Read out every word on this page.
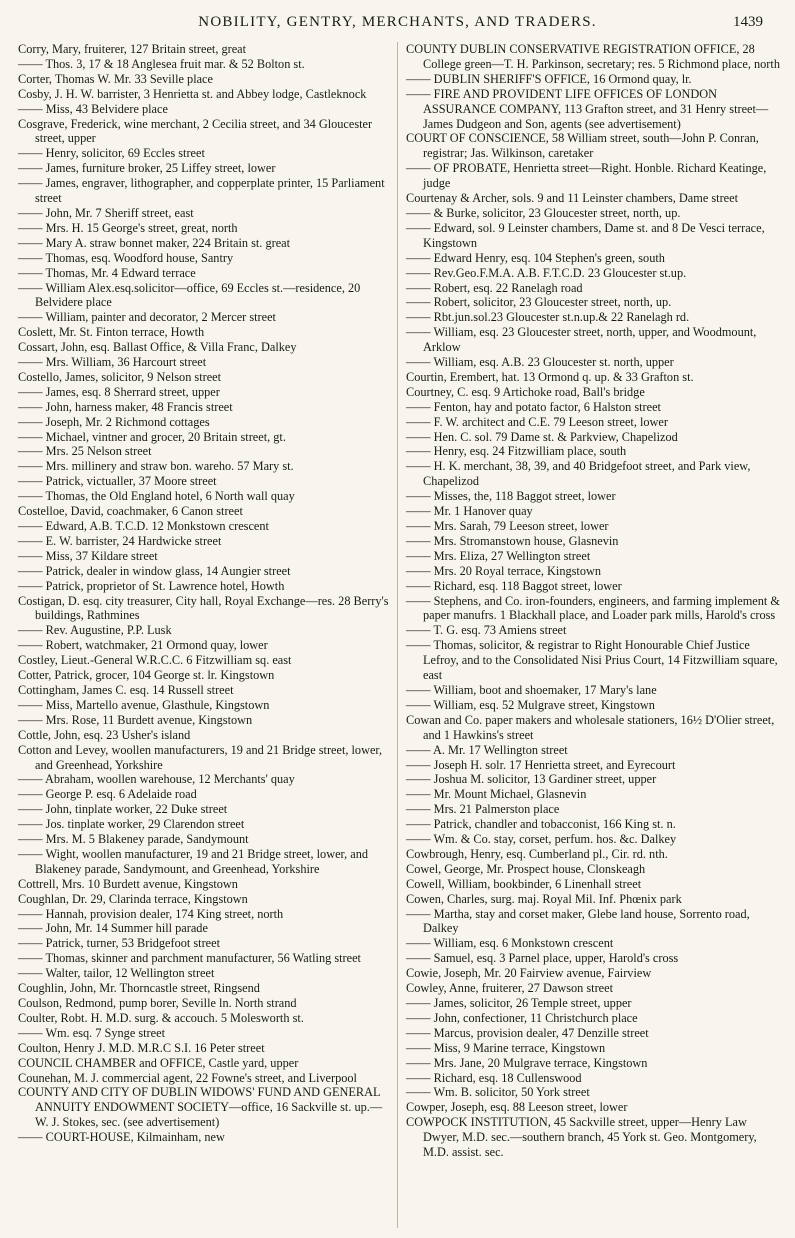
NOBILITY, GENTRY, MERCHANTS, AND TRADERS.	1439
Corry, Mary, fruiterer, 127 Britain street, great
—— Thos. 3, 17 & 18 Anglesea fruit mar. & 52 Bolton st.
Corter, Thomas W. Mr. 33 Seville place
Cosby, J. H. W. barrister, 3 Henrietta st. and Abbey lodge, Castleknock
—— Miss, 43 Belvidere place
Cosgrave, Frederick, wine merchant, 2 Cecilia street, and 34 Gloucester street, upper
—— Henry, solicitor, 69 Eccles street
—— James, furniture broker, 25 Liffey street, lower
—— James, engraver, lithographer, and copperplate printer, 15 Parliament street
—— John, Mr. 7 Sheriff street, east
—— Mrs. H. 15 George's street, great, north
—— Mary A. straw bonnet maker, 224 Britain st. great
—— Thomas, esq. Woodford house, Santry
—— Thomas, Mr. 4 Edward terrace
—— William Alex.esq.solicitor—office, 69 Eccles st.—residence, 20 Belvidere place
—— William, painter and decorator, 2 Mercer street
Coslett, Mr. St. Finton terrace, Howth
Cossart, John, esq. Ballast Office, & Villa Franc, Dalkey
—— Mrs. William, 36 Harcourt street
Costello, James, solicitor, 9 Nelson street
—— James, esq. 8 Sherrard street, upper
—— John, harness maker, 48 Francis street
—— Joseph, Mr. 2 Richmond cottages
—— Michael, vintner and grocer, 20 Britain street, gt.
—— Mrs. 25 Nelson street
—— Mrs. millinery and straw bon. wareho. 57 Mary st.
—— Patrick, victualler, 37 Moore street
—— Thomas, the Old England hotel, 6 North wall quay
Costelloe, David, coachmaker, 6 Canon street
—— Edward, A.B. T.C.D. 12 Monkstown crescent
—— E. W. barrister, 24 Hardwicke street
—— Miss, 37 Kildare street
—— Patrick, dealer in window glass, 14 Aungier street
—— Patrick, proprietor of St. Lawrence hotel, Howth
Costigan, D. esq. city treasurer, City hall, Royal Exchange—res. 28 Berry's buildings, Rathmines
—— Rev. Augustine, P.P. Lusk
—— Robert, watchmaker, 21 Ormond quay, lower
Costley, Lieut.-General W.R.C.C. 6 Fitzwilliam sq. east
Cotter, Patrick, grocer, 104 George st. lr. Kingstown
Cottingham, James C. esq. 14 Russell street
—— Miss, Martello avenue, Glasthule, Kingstown
—— Mrs. Rose, 11 Burdett avenue, Kingstown
Cottle, John, esq. 23 Usher's island
Cotton and Levey, woollen manufacturers, 19 and 21 Bridge street, lower, and Greenhead, Yorkshire
—— Abraham, woollen warehouse, 12 Merchants' quay
—— George P. esq. 6 Adelaide road
—— John, tinplate worker, 22 Duke street
—— Jos. tinplate worker, 29 Clarendon street
—— Mrs. M. 5 Blakeney parade, Sandymount
—— Wight, woollen manufacturer, 19 and 21 Bridge street, lower, and Blakeney parade, Sandymount, and Greenhead, Yorkshire
Cottrell, Mrs. 10 Burdett avenue, Kingstown
Coughlan, Dr. 29, Clarinda terrace, Kingstown
—— Hannah, provision dealer, 174 King street, north
—— John, Mr. 14 Summer hill parade
—— Patrick, turner, 53 Bridgefoot street
—— Thomas, skinner and parchment manufacturer, 56 Watling street
—— Walter, tailor, 12 Wellington street
Coughlin, John, Mr. Thorncastle street, Ringsend
Coulson, Redmond, pump borer, Seville ln. North strand
Coulter, Robt. H. M.D. surg. & accouch. 5 Molesworth st.
—— Wm. esq. 7 Synge street
Coulton, Henry J. M.D. M.R.C S.I. 16 Peter street
COUNCIL CHAMBER and OFFICE, Castle yard, upper
Counehan, M. J. commercial agent, 22 Fowne's street, and Liverpool
COUNTY AND CITY OF DUBLIN WIDOWS' FUND AND GENERAL ANNUITY ENDOWMENT SOCIETY—office, 16 Sackville st. up.—W. J. Stokes, sec. (see advertisement)
—— COURT-HOUSE, Kilmainham, new
COUNTY DUBLIN CONSERVATIVE REGISTRATION OFFICE, 28 College green—T. H. Parkinson, secretary; res. 5 Richmond place, north
—— DUBLIN SHERIFF'S OFFICE, 16 Ormond quay, lr.
—— FIRE AND PROVIDENT LIFE OFFICES OF LONDON ASSURANCE COMPANY, 113 Grafton street, and 31 Henry street—James Dudgeon and Son, agents (see advertisement)
COURT OF CONSCIENCE, 58 William street, south—John P. Conran, registrar; Jas. Wilkinson, caretaker
—— OF PROBATE, Henrietta street—Right. Honble. Richard Keatinge, judge
Courtenay & Archer, sols. 9 and 11 Leinster chambers, Dame street
—— & Burke, solicitor, 23 Gloucester street, north, up.
—— Edward, sol. 9 Leinster chambers, Dame st. and 8 De Vesci terrace, Kingstown
—— Edward Henry, esq. 104 Stephen's green, south
—— Rev.Geo.F.M.A. A.B. F.T.C.D. 23 Gloucester st.up.
—— Robert, esq. 22 Ranelagh road
—— Robert, solicitor, 23 Gloucester street, north, up.
—— Rbt.jun.sol.23 Gloucester st.n.up.& 22 Ranelagh rd.
—— William, esq. 23 Gloucester street, north, upper, and Woodmount, Arklow
—— William, esq. A.B. 23 Gloucester st. north, upper
Courtin, Erembert, hat. 13 Ormond q. up. & 33 Grafton st.
Courtney, C. esq. 9 Artichoke road, Ball's bridge
—— Fenton, hay and potato factor, 6 Halston street
—— F. W. architect and C.E. 79 Leeson street, lower
—— Hen. C. sol. 79 Dame st. & Parkview, Chapelizod
—— Henry, esq. 24 Fitzwilliam place, south
—— H. K. merchant, 38, 39, and 40 Bridgefoot street, and Park view, Chapelizod
—— Misses, the, 118 Baggot street, lower
—— Mr. 1 Hanover quay
—— Mrs. Sarah, 79 Leeson street, lower
—— Mrs. Stromanstown house, Glasnevin
—— Mrs. Eliza, 27 Wellington street
—— Mrs. 20 Royal terrace, Kingstown
—— Richard, esq. 118 Baggot street, lower
—— Stephens, and Co. iron-founders, engineers, and farming implement & paper manufrs. 1 Blackhall place, and Loader park mills, Harold's cross
—— T. G. esq. 73 Amiens street
—— Thomas, solicitor, & registrar to Right Honourable Chief Justice Lefroy, and to the Consolidated Nisi Prius Court, 14 Fitzwilliam square, east
—— William, boot and shoemaker, 17 Mary's lane
—— William, esq. 52 Mulgrave street, Kingstown
Cowan and Co. paper makers and wholesale stationers, 16½ D'Olier street, and 1 Hawkins's street
—— A. Mr. 17 Wellington street
—— Joseph H. solr. 17 Henrietta street, and Eyrecourt
—— Joshua M. solicitor, 13 Gardiner street, upper
—— Mr. Mount Michael, Glasnevin
—— Mrs. 21 Palmerston place
—— Patrick, chandler and tobacconist, 166 King st. n.
—— Wm. & Co. stay, corset, perfum. hos. &c. Dalkey
Cowbrough, Henry, esq. Cumberland pl., Cir. rd. nth.
Cowel, George, Mr. Prospect house, Clonskeagh
Cowell, William, bookbinder, 6 Linenhall street
Cowen, Charles, surg. maj. Royal Mil. Inf. Phœnix park
—— Martha, stay and corset maker, Glebe land house, Sorrento road, Dalkey
—— William, esq. 6 Monkstown crescent
—— Samuel, esq. 3 Parnel place, upper, Harold's cross
Cowie, Joseph, Mr. 20 Fairview avenue, Fairview
Cowley, Anne, fruiterer, 27 Dawson street
—— James, solicitor, 26 Temple street, upper
—— John, confectioner, 11 Christchurch place
—— Marcus, provision dealer, 47 Denzille street
—— Miss, 9 Marine terrace, Kingstown
—— Mrs. Jane, 20 Mulgrave terrace, Kingstown
—— Richard, esq. 18 Cullenswood
—— Wm. B. solicitor, 50 York street
Cowper, Joseph, esq. 88 Leeson street, lower
COWPOCK INSTITUTION, 45 Sackville street, upper—Henry Law Dwyer, M.D. sec.—southern branch, 45 York st. Geo. Montgomery, M.D. assist. sec.
